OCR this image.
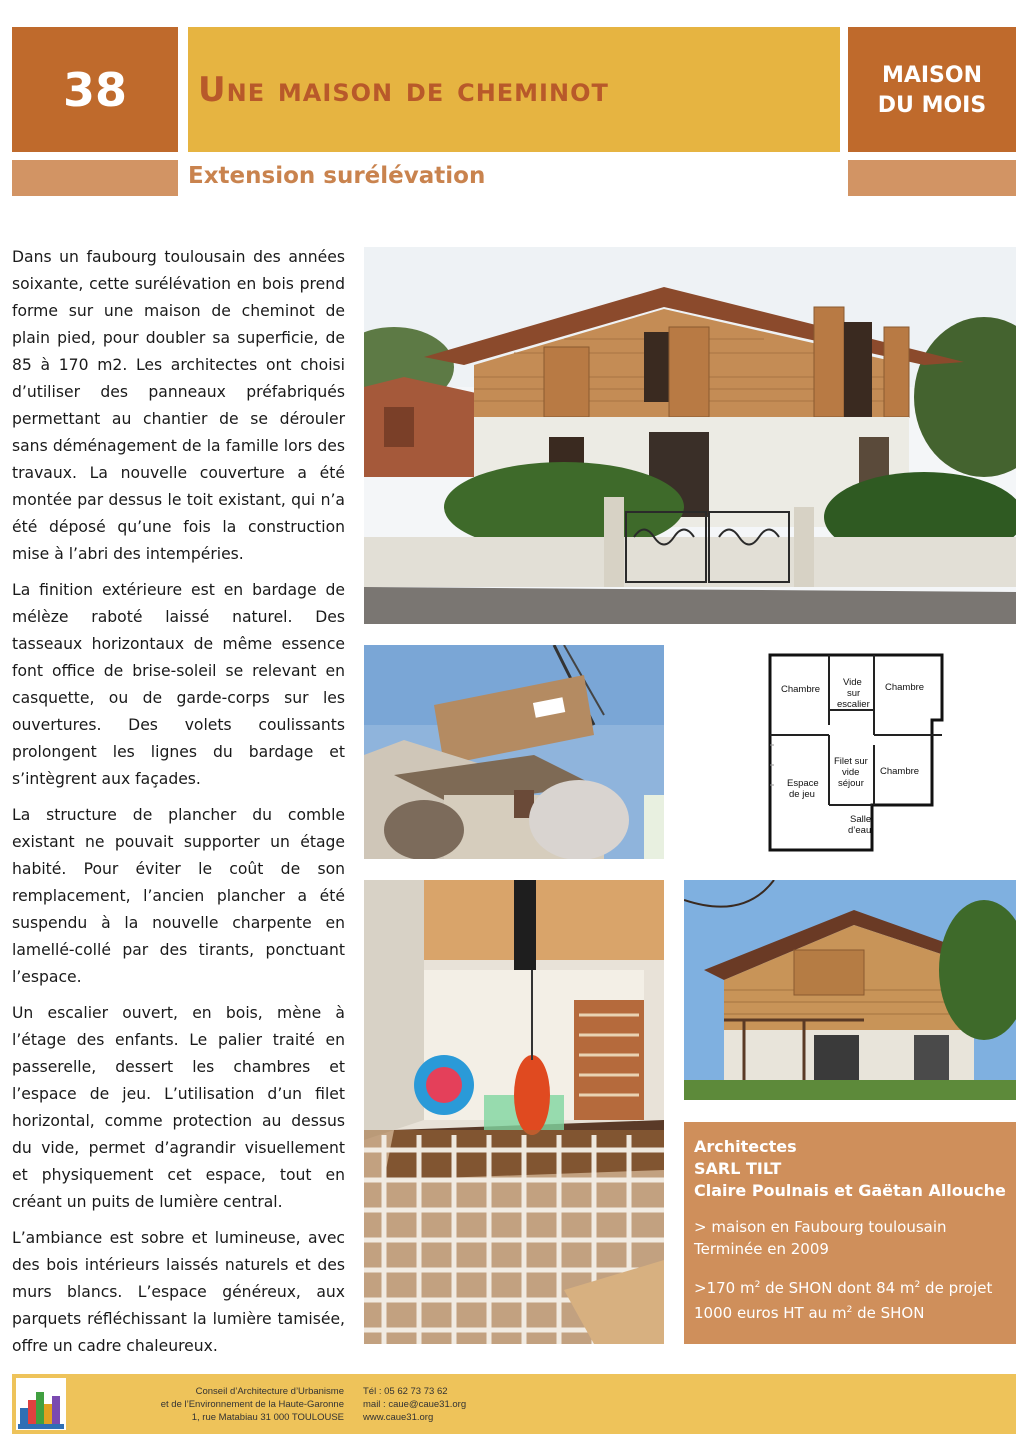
38	Une maison de cheminot	MAISON
DU MOIS
Extension surélévation

Dans un faubourg toulousain des années soixante, cette surélévation en bois prend forme sur une maison de cheminot de plain pied, pour doubler sa superficie, de 85 à 170 m2. Les architectes ont choisi d’utiliser des panneaux préfabriqués permettant au chantier de se dérouler sans déménagement de la famille lors des travaux. La nouvelle couverture a été montée par dessus le toit existant, qui n’a été déposé qu’une fois la construction mise à l’abri des intempéries.

La finition extérieure est en bardage de mélèze raboté laissé naturel. Des tasseaux horizontaux de même essence font office de brise-soleil se relevant en casquette, ou de garde-corps sur les ouvertures. Des volets coulissants prolongent les lignes du bardage et s’intègrent aux façades.

La structure de plancher du comble existant ne pouvait supporter un étage habité. Pour éviter le coût de son remplacement, l’ancien plancher a été suspendu à la nouvelle charpente en lamellé-collé par des tirants, ponctuant l’espace.

Un escalier ouvert, en bois, mène à l’étage des enfants. Le palier traité en passerelle, dessert les chambres et l’espace de jeu. L’utilisation d’un filet horizontal, comme protection au dessus du vide, permet d’agrandir visuellement et physiquement cet espace, tout en créant un puits de lumière central.

L’ambiance est sobre et lumineuse, avec des bois intérieurs laissés naturels et des murs blancs. L’espace généreux, aux parquets réfléchissant la lumière tamisée, offre un cadre chaleureux.

Chambre
Vide
sur
escalier
Chambre
Filet sur
vide
séjour
Espace
de jeu
Chambre
Salle
d’eau
Architectes
SARL TILT
Claire Poulnais et Gaëtan Allouche
> maison en Faubourg toulousain
Terminée en 2009
>170 $m^2$ de SHON dont 84 $m^2$ de projet
1000 euros HT au $m^2$ de SHON
Conseil d’Architecture d’Urbanisme
et de l’Environnement de la Haute-Garonne
1, rue Matabiau 31 000 TOULOUSE
Tél : 05 62 73 73 62
mail : caue@caue31.org
www.caue31.org
